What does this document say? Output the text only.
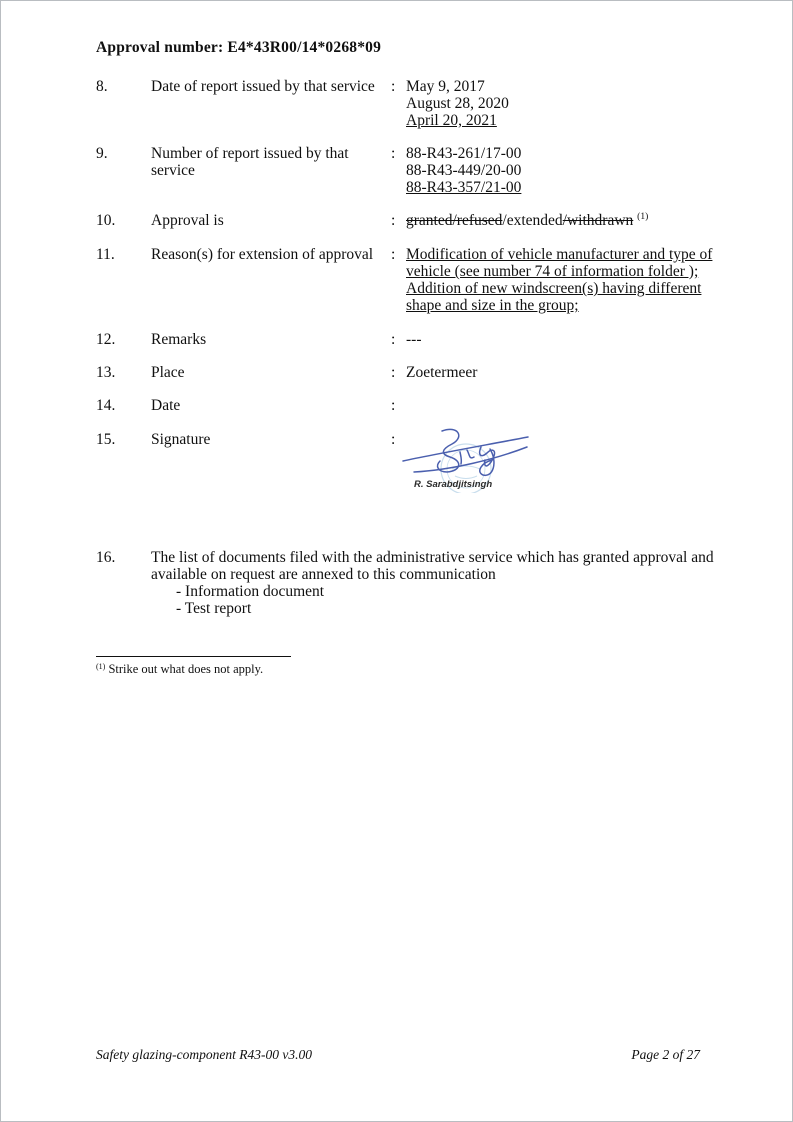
Approval number: E4*43R00/14*0268*09
8.	Date of report issued by that service	: May 9, 2017
August 28, 2020
April 20, 2021
9.	Number of report issued by that
service
: 88-R43-261/17-00
88-R43-449/20-00
88-R43-357/21-00
10.	Approval is	: granted/refused/extended/withdrawn $^{(1)}$
11.	Reason(s) for extension of approval	: Modification of vehicle manufacturer and type of
vehicle (see number 74 of information folder );
Addition of new windscreen(s) having different
shape and size in the group;
12.	Remarks	: ---
13.	Place	: Zoetermeer
14.	Date	:
15.	Signature	:
R. Sarabdjitsingh
16.	The list of documents filed with the administrative service which has granted approval and
available on request are annexed to this communication
- Information document
- Test report
$^{(1)}$ Strike out what does not apply.
Safety glazing-component R43-00 v3.00	Page 2 of 27
